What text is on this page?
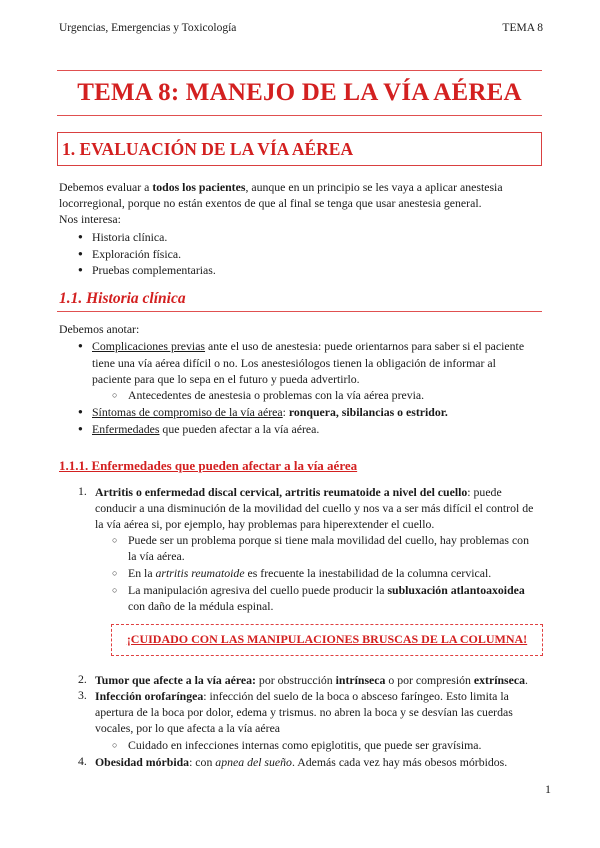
Urgencias, Emergencias y Toxicología	TEMA 8
TEMA 8: MANEJO DE LA VÍA AÉREA
1. EVALUACIÓN DE LA VÍA AÉREA
Debemos evaluar a todos los pacientes, aunque en un principio se les vaya a aplicar anestesia
locorregional, porque no están exentos de que al final se tenga que usar anestesia general.
Nos interesa:
● Historia clínica.
● Exploración física.
● Pruebas complementarias.
1.1. Historia clínica
Debemos anotar:
● Complicaciones previas ante el uso de anestesia: puede orientarnos para saber si el paciente
tiene una vía aérea difícil o no. Los anestesiólogos tienen la obligación de informar al
paciente para que lo sepa en el futuro y pueda advertirlo.
○ Antecedentes de anestesia o problemas con la vía aérea previa.
● Síntomas de compromiso de la vía aérea: ronquera, sibilancias o estridor.
● Enfermedades que pueden afectar a la vía aérea.
1.1.1. Enfermedades que pueden afectar a la vía aérea
1. Artritis o enfermedad discal cervical, artritis reumatoide a nivel del cuello: puede
conducir a una disminución de la movilidad del cuello y nos va a ser más difícil el control de
la vía aérea si, por ejemplo, hay problemas para hiperextender el cuello.
○ Puede ser un problema porque si tiene mala movilidad del cuello, hay problemas con
la vía aérea.
○ En la artritis reumatoide es frecuente la inestabilidad de la columna cervical.
○ La manipulación agresiva del cuello puede producir la subluxación atlantoaxoidea
con daño de la médula espinal.
¡CUIDADO CON LAS MANIPULACIONES BRUSCAS DE LA COLUMNA!
2. Tumor que afecte a la vía aérea: por obstrucción intrínseca o por compresión extrínseca.
3. Infección orofaríngea: infección del suelo de la boca o absceso faríngeo. Esto limita la
apertura de la boca por dolor, edema y trismus. no abren la boca y se desvían las cuerdas
vocales, por lo que afecta a la vía aérea
○ Cuidado en infecciones internas como epiglotitis, que puede ser gravísima.
4. Obesidad mórbida: con apnea del sueño. Además cada vez hay más obesos mórbidos.
1
